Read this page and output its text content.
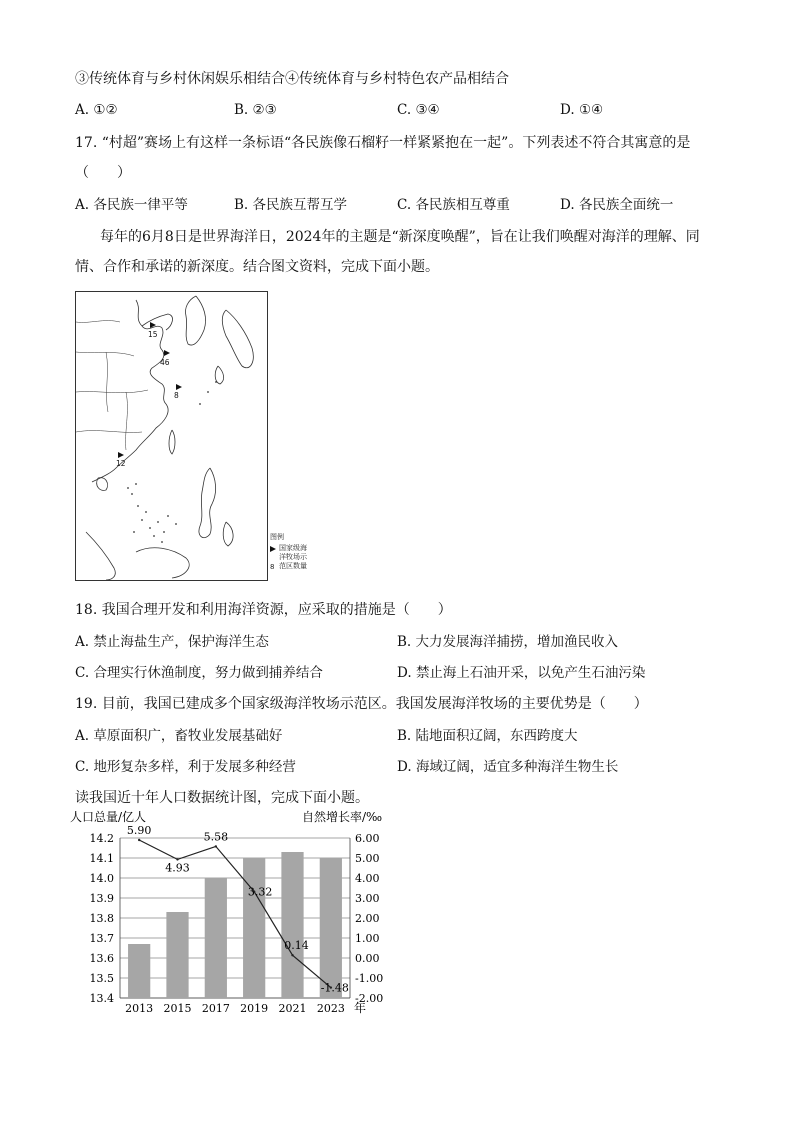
③传统体育与乡村休闲娱乐相结合④传统体育与乡村特色农产品相结合
A. ①②	B. ②③	C. ③④	D. ①④
17. “村超”赛场上有这样一条标语“各民族像石榴籽一样紧紧抱在一起”。下列表述不符合其寓意的是
（　　）
A. 各民族一律平等	B. 各民族互帮互学	C. 各民族相互尊重	D. 各民族全面统一
每年的6月8日是世界海洋日，2024年的主题是“新深度唤醒”，旨在让我们唤醒对海洋的理解、同
情、合作和承诺的新深度。结合图文资料，完成下面小题。
15
46
8
12
图例
8
国家级海
洋牧场示
范区数量
18. 我国合理开发和利用海洋资源，应采取的措施是（　　）
A. 禁止海盐生产，保护海洋生态	B. 大力发展海洋捕捞，增加渔民收入
C. 合理实行休渔制度，努力做到捕养结合	D. 禁止海上石油开采，以免产生石油污染
19. 目前，我国已建成多个国家级海洋牧场示范区。我国发展海洋牧场的主要优势是（　　）
A. 草原面积广，畜牧业发展基础好	B. 陆地面积辽阔，东西跨度大
C. 地形复杂多样，利于发展多种经营	D. 海域辽阔，适宜多种海洋生物生长
读我国近十年人口数据统计图，完成下面小题。
人口总量/亿人	自然增长率/‰
5.90
4.93
5.58
3.32
0.14
-1.48
14.2
14.1
14.0
13.9
13.8
13.7
13.6
13.5
13.4
6.00
5.00
4.00
3.00
2.00
1.00
0.00
-1.00
-2.00
2013 2015 2017 2019 2021 2023 年
